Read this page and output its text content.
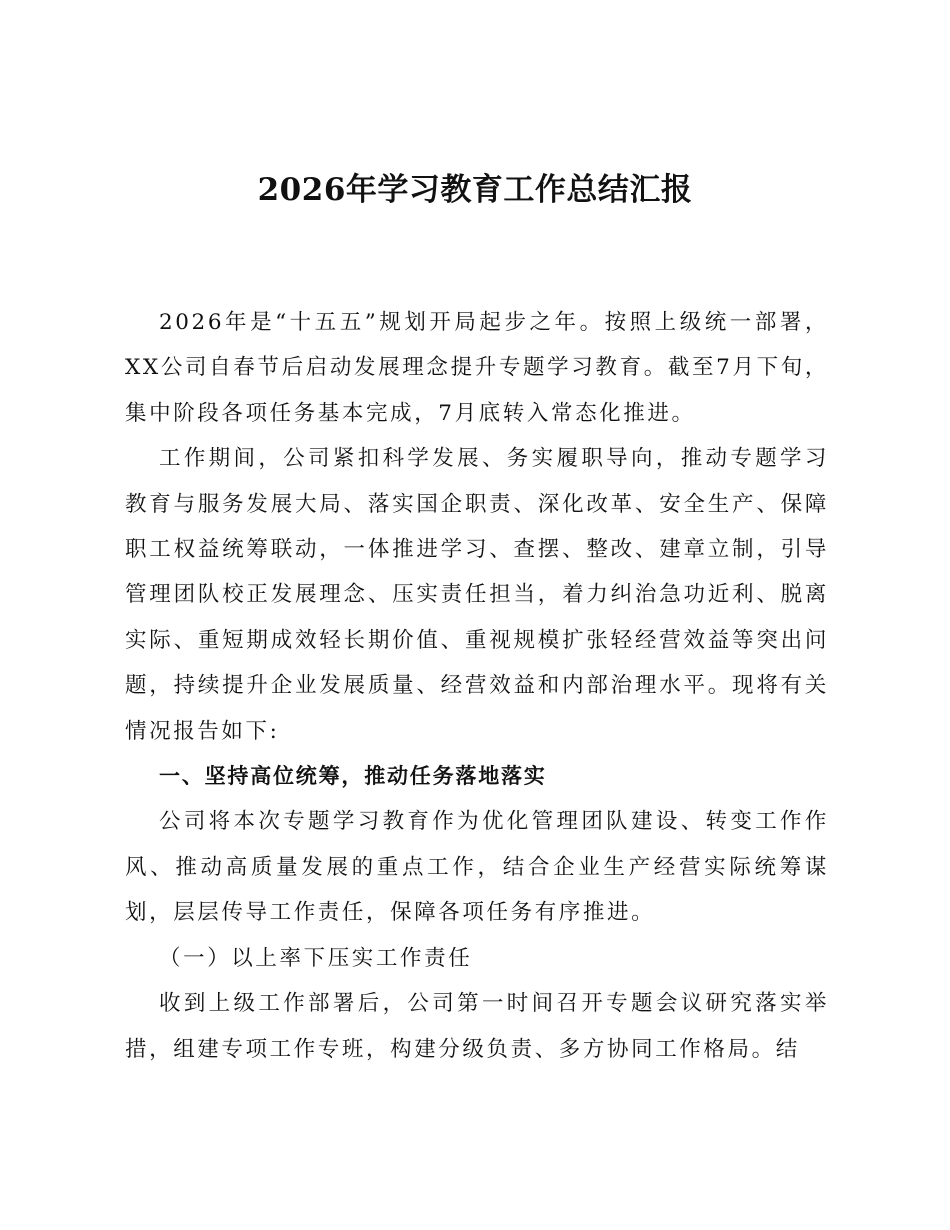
2026年学习教育工作总结汇报

2026年是“十五五”规划开局起步之年。按照上级统一部署，XX公司自春节后启动发展理念提升专题学习教育。截至7月下旬，集中阶段各项任务基本完成，7月底转入常态化推进。

工作期间，公司紧扣科学发展、务实履职导向，推动专题学习教育与服务发展大局、落实国企职责、深化改革、安全生产、保障职工权益统筹联动，一体推进学习、查摆、整改、建章立制，引导管理团队校正发展理念、压实责任担当，着力纠治急功近利、脱离实际、重短期成效轻长期价值、重视规模扩张轻经营效益等突出问题，持续提升企业发展质量、经营效益和内部治理水平。现将有关情况报告如下:

一、坚持高位统筹，推动任务落地落实

公司将本次专题学习教育作为优化管理团队建设、转变工作作风、推动高质量发展的重点工作，结合企业生产经营实际统筹谋划，层层传导工作责任，保障各项任务有序推进。

（一）以上率下压实工作责任

收到上级工作部署后，公司第一时间召开专题会议研究落实举措，组建专项工作专班，构建分级负责、多方协同工作格局。结
